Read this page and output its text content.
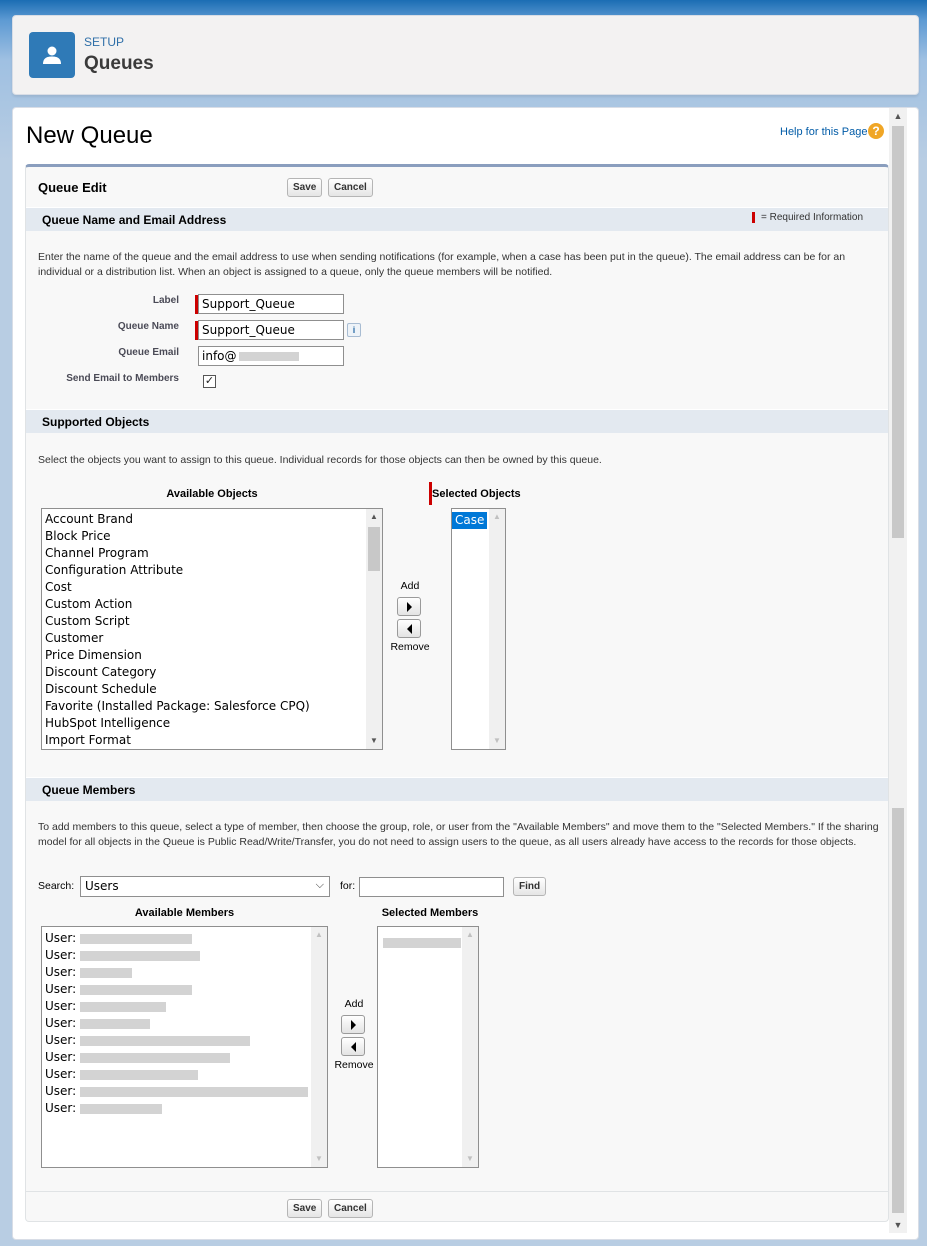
SETUP
Queues
▲
▼
New Queue	Help for this Page ?
Queue Edit	Save	Cancel
Queue Name and Email Address	= Required Information
Enter the name of the queue and the email address to use when sending notifications (for example, when a case has been put in the queue). The email address can be for an individual or a distribution list. When an object is assigned to a queue, only the queue members will be notified.
Label	Support_Queue
Queue Name	Support_Queue	i
Queue Email	info@
Send Email to Members ✓
Supported Objects
Select the objects you want to assign to this queue. Individual records for those objects can then be owned by this queue.
Available Objects	Selected Objects
Account Brand
Block Price
Channel Program
Configuration Attribute
Cost
Custom Action
Custom Script
Customer
Price Dimension
Discount Category
Discount Schedule
Favorite (Installed Package: Salesforce CPQ)
HubSpot Intelligence
Import Format
▲
▼
Add
Remove
Case	▲
▼
Queue Members
To add members to this queue, select a type of member, then choose the group, role, or user from the "Available Members" and move them to the "Selected Members." If the sharing model for all objects in the Queue is Public Read/Write/Transfer, you do not need to assign users to the queue, as all users already have access to the records for those objects.
Search: Users	⌵ for:	Find
Available Members	Selected Members
User:
User:
User:
User:
User:
User:
User:
User:
User:
User:
User:
▲
▼
Add
Remove
▲
▼
Save	Cancel
